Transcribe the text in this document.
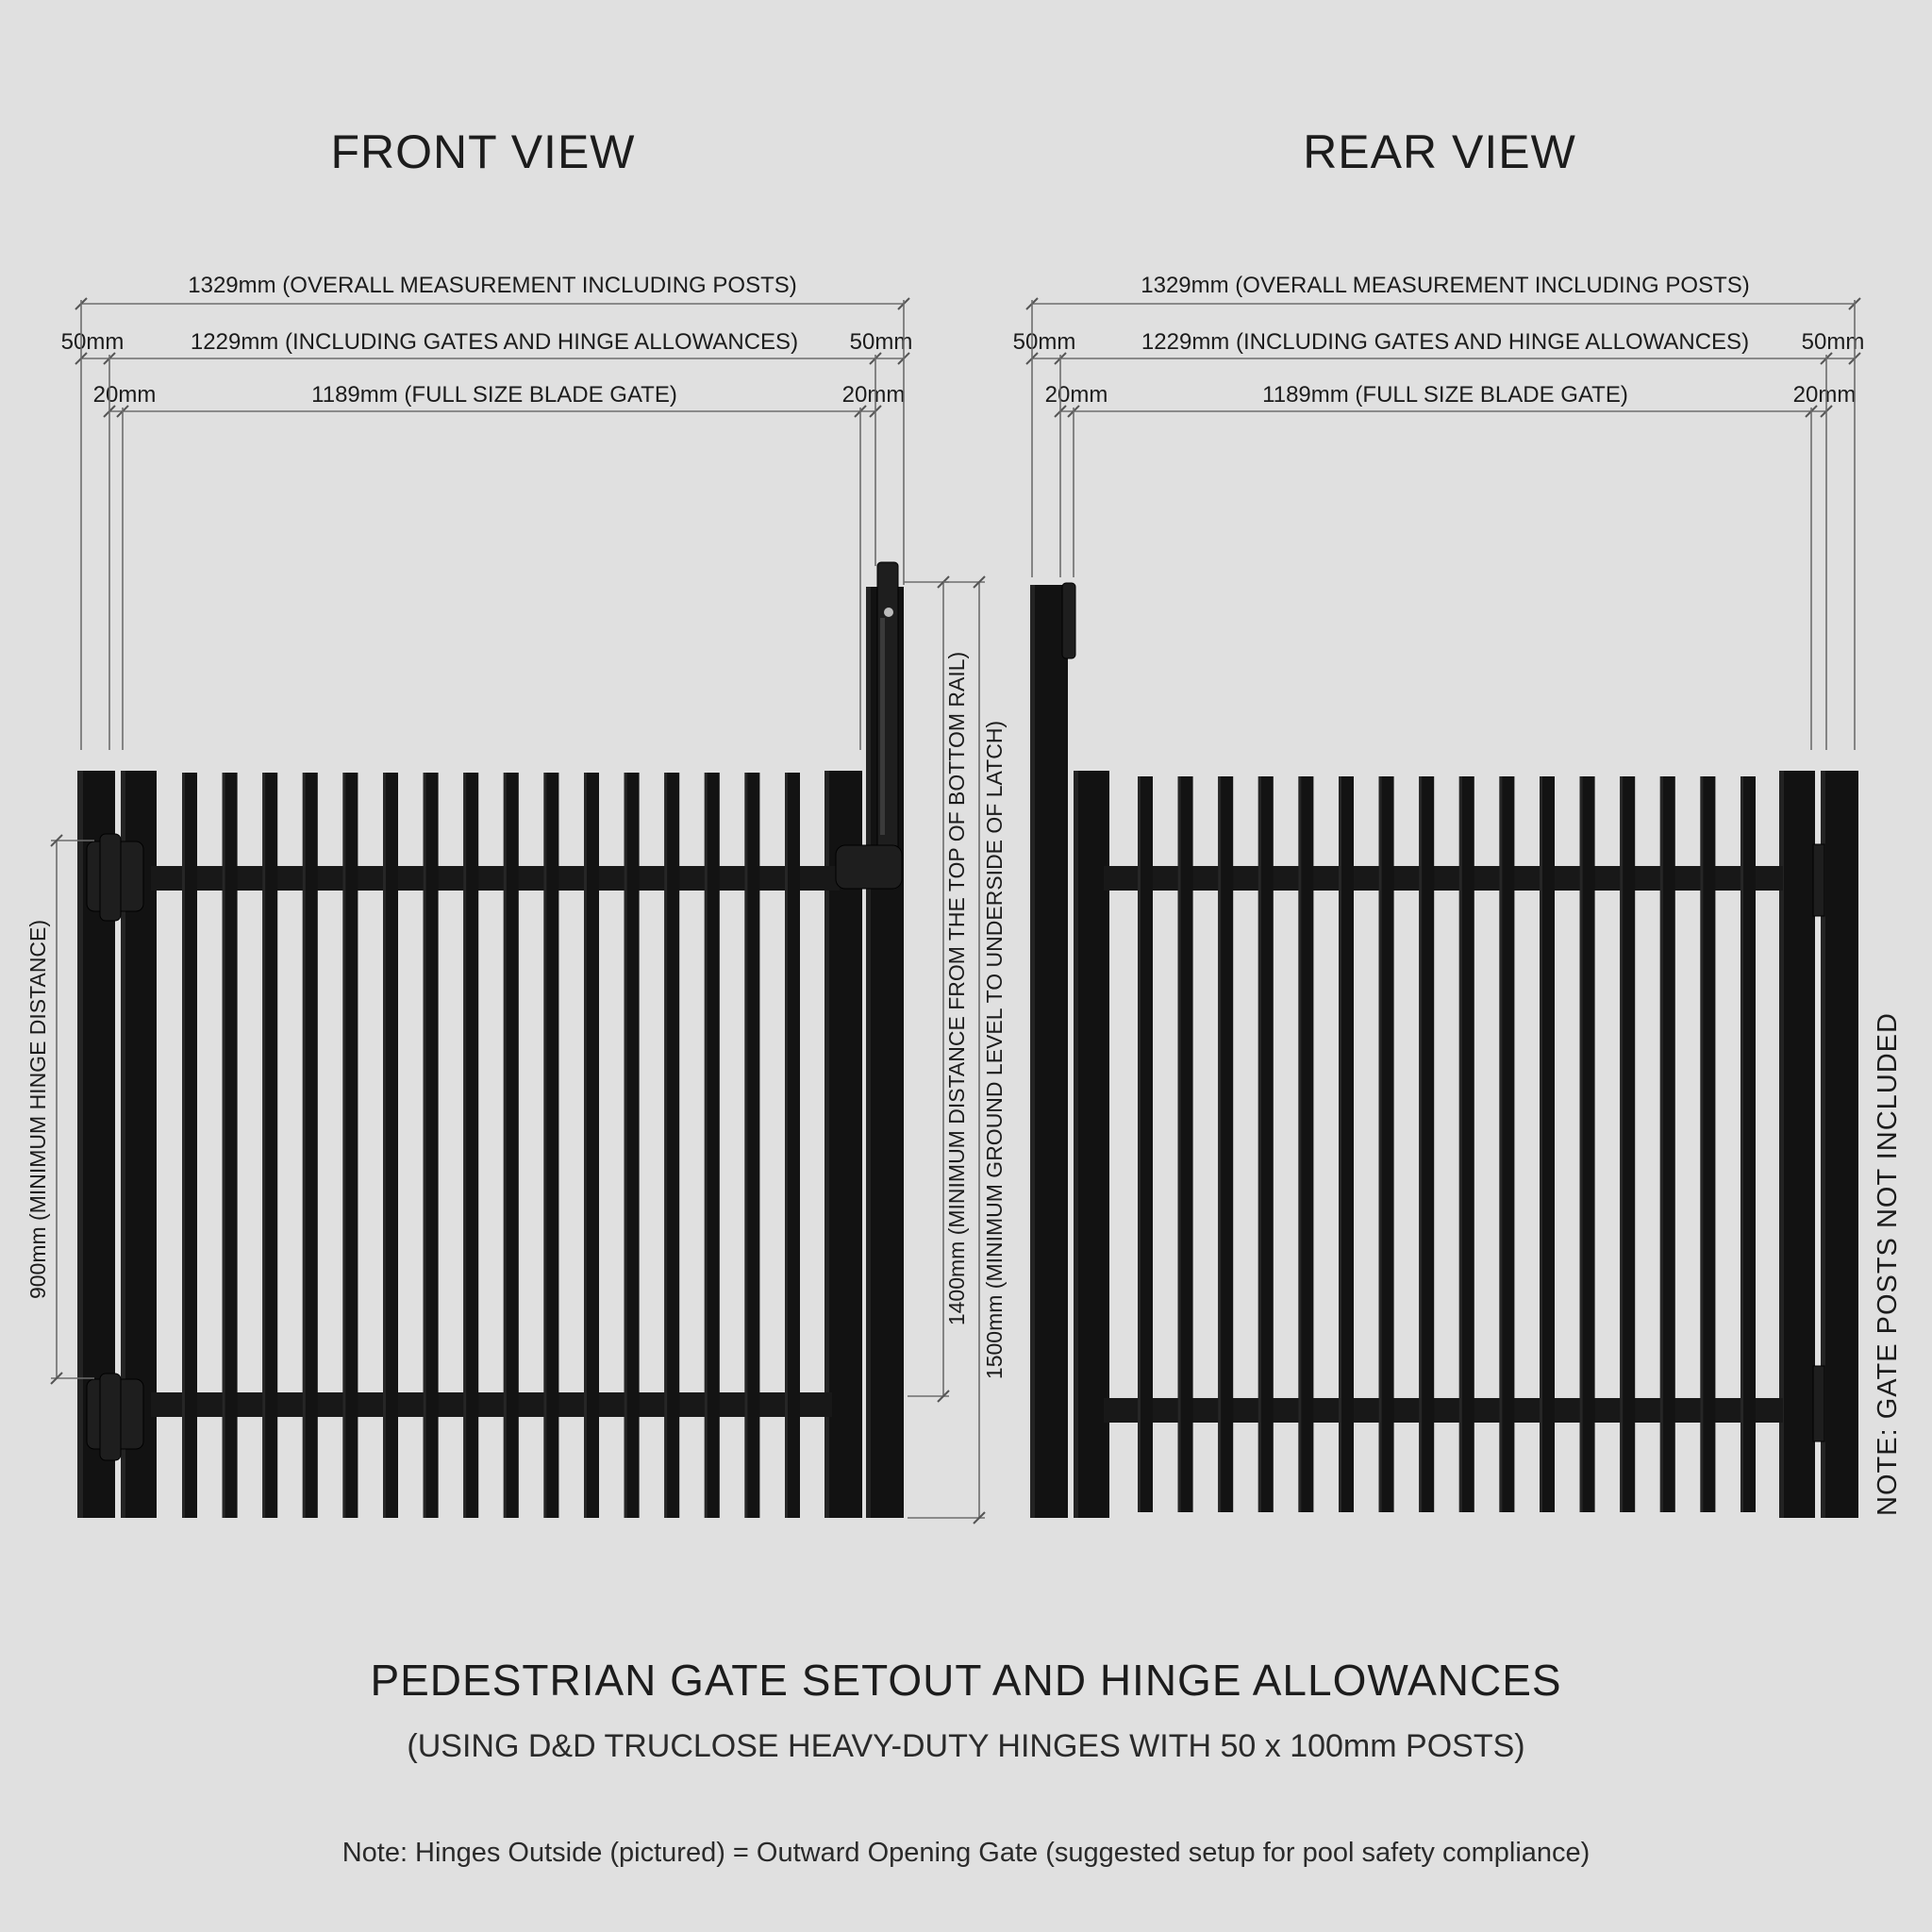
FRONT VIEW	REAR VIEW
1329mm (OVERALL MEASUREMENT INCLUDING POSTS)
50mm	1229mm (INCLUDING GATES AND HINGE ALLOWANCES) 50mm
20mm	1189mm (FULL SIZE BLADE GATE)	20mm
1329mm (OVERALL MEASUREMENT INCLUDING POSTS)
50mm	1229mm (INCLUDING GATES AND HINGE ALLOWANCES) 50mm
20mm	1189mm (FULL SIZE BLADE GATE)	20mm
900mm (MINIMUM HINGE DISTANCE)	1400mm (MINIMUM DISTANCE FROM THE TOP OF BOTTOM RAIL) 1500mm (MINIMUM GROUND LEVEL TO UNDERSIDE OF LATCH)	NOTE: GATE POSTS NOT INCLUDED
PEDESTRIAN GATE SETOUT AND HINGE ALLOWANCES
(USING D&D TRUCLOSE HEAVY-DUTY HINGES WITH 50 x 100mm POSTS)
Note: Hinges Outside (pictured) = Outward Opening Gate (suggested setup for pool safety compliance)
